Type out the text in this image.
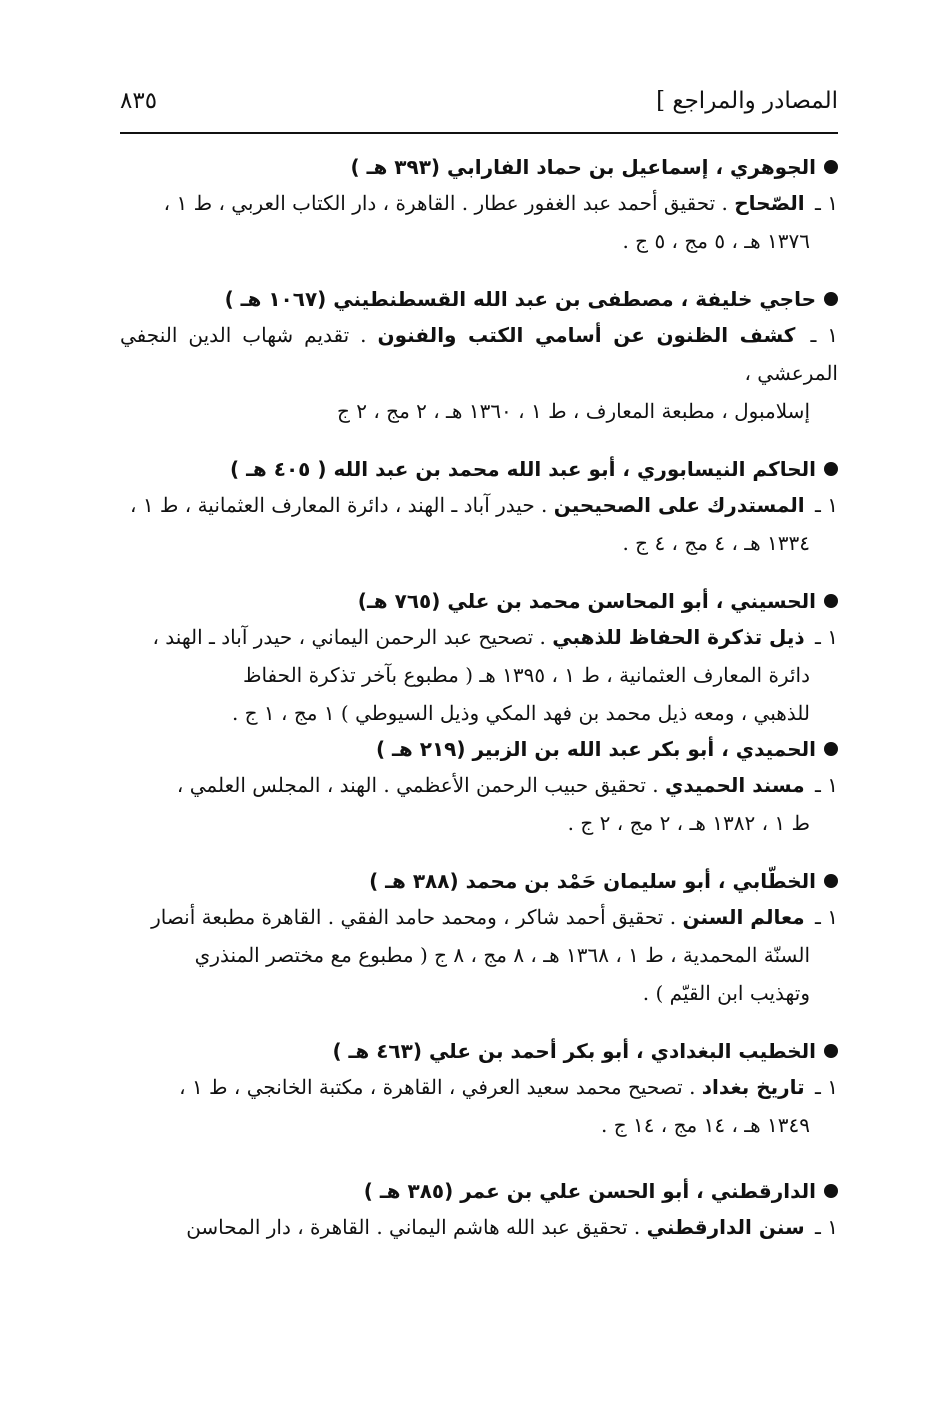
المصادر والمراجع ]
٨٣٥
الجوهري ، إسماعيل بن حماد الفارابي (٣٩٣ هـ )
١ ـ الصّحاح . تحقيق أحمد عبد الغفور عطار . القاهرة ، دار الكتاب العربي ، ط ١ ،
١٣٧٦ هـ ، ٥ مج ، ٥ ج .
حاجي خليفة ، مصطفى بن عبد الله القسطنطيني (١٠٦٧ هـ )
١ ـ كشف الظنون عن أسامي الكتب والفنون . تقديم شهاب الدين النجفي المرعشي ،
إسلامبول ، مطبعة المعارف ، ط ١ ، ١٣٦٠ هـ ، ٢ مج ، ٢ ج
الحاكم النيسابوري ، أبو عبد الله محمد بن عبد الله ( ٤٠٥ هـ )
١ ـ المستدرك على الصحيحين . حيدر آباد ـ الهند ، دائرة المعارف العثمانية ، ط ١ ،
١٣٣٤ هـ ، ٤ مج ، ٤ ج .
الحسيني ، أبو المحاسن محمد بن علي (٧٦٥ هـ)
١ ـ ذيل تذكرة الحفاظ للذهبي . تصحيح عبد الرحمن اليماني ، حيدر آباد ـ الهند ،
دائرة المعارف العثمانية ، ط ١ ، ١٣٩٥ هـ ( مطبوع بآخر تذكرة الحفاظ
للذهبي ، ومعه ذيل محمد بن فهد المكي وذيل السيوطي ) ١ مج ، ١ ج .
الحميدي ، أبو بكر عبد الله بن الزبير (٢١٩ هـ )
١ ـ مسند الحميدي . تحقيق حبيب الرحمن الأعظمي . الهند ، المجلس العلمي ،
ط ١ ، ١٣٨٢ هـ ، ٢ مج ، ٢ ج .
الخطّابي ، أبو سليمان حَمْد بن محمد (٣٨٨ هـ )
١ ـ معالم السنن . تحقيق أحمد شاكر ، ومحمد حامد الفقي . القاهرة مطبعة أنصار
السنّة المحمدية ، ط ١ ، ١٣٦٨ هـ ، ٨ مج ، ٨ ج ( مطبوع مع مختصر المنذري
وتهذيب ابن القيّم ) .
الخطيب البغدادي ، أبو بكر أحمد بن علي (٤٦٣ هـ )
١ ـ تاريخ بغداد . تصحيح محمد سعيد العرفي ، القاهرة ، مكتبة الخانجي ، ط ١ ،
١٣٤٩ هـ ، ١٤ مج ، ١٤ ج .
الدارقطني ، أبو الحسن علي بن عمر (٣٨٥ هـ )
١ ـ سنن الدارقطني . تحقيق عبد الله هاشم اليماني . القاهرة ، دار المحاسن
